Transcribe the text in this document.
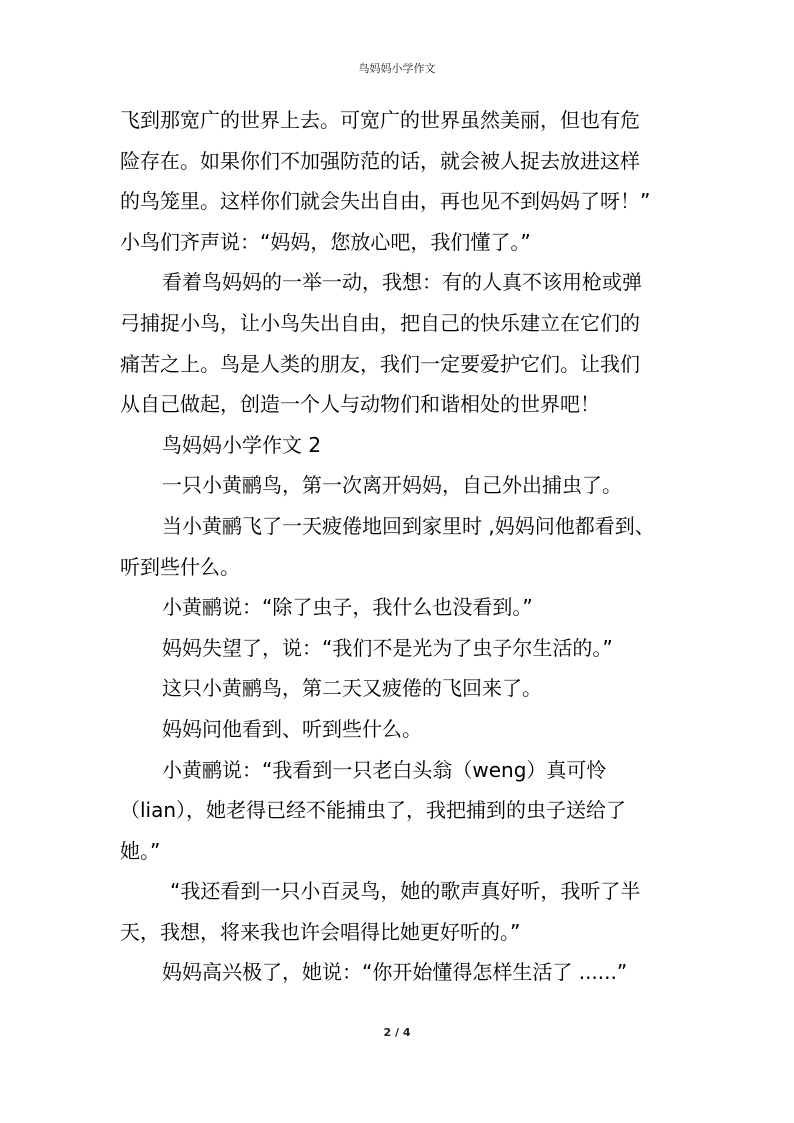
鸟妈妈小学作文
飞到那宽广的世界上去。可宽广的世界虽然美丽，但也有危
险存在。如果你们不加强防范的话，就会被人捉去放进这样
的鸟笼里。这样你们就会失出自由，再也见不到妈妈了呀！”
小鸟们齐声说：“妈妈，您放心吧，我们懂了。”
看着鸟妈妈的一举一动，我想：有的人真不该用枪或弹
弓捕捉小鸟，让小鸟失出自由，把自己的快乐建立在它们的
痛苦之上。鸟是人类的朋友，我们一定要爱护它们。让我们
从自己做起，创造一个人与动物们和谐相处的世界吧！
鸟妈妈小学作文 2
一只小黄鹂鸟，第一次离开妈妈，自己外出捕虫了。
当小黄鹂飞了一天疲倦地回到家里时 ,妈妈问他都看到、
听到些什么。
小黄鹂说：“除了虫子，我什么也没看到。”
妈妈失望了，说：“我们不是光为了虫子尔生活的。”
这只小黄鹂鸟，第二天又疲倦的飞回来了。
妈妈问他看到、听到些什么。
小黄鹂说：“我看到一只老白头翁（weng）真可怜
（lian），她老得已经不能捕虫了，我把捕到的虫子送给了
她。”
“我还看到一只小百灵鸟，她的歌声真好听，我听了半
天，我想，将来我也许会唱得比她更好听的。”
妈妈高兴极了，她说：“你开始懂得怎样生活了 ......”
2 / 4
